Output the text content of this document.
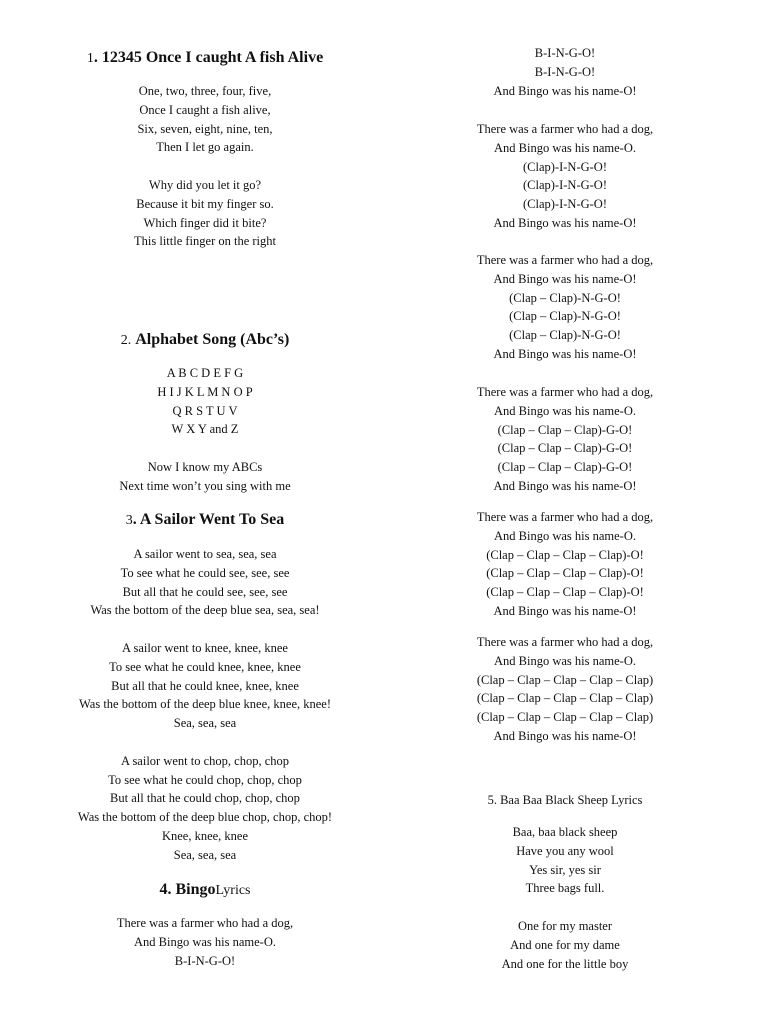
1. 12345 Once I caught A fish Alive
One, two, three, four, five,
Once I caught a fish alive,
Six, seven, eight, nine, ten,
Then I let go again.
Why did you let it go?
Because it bit my finger so.
Which finger did it bite?
This little finger on the right
2. Alphabet Song (Abc’s)
A B C D E F G
H I J K L M N O P
Q R S T U V
W X Y and Z
Now I know my ABCs
Next time won’t you sing with me
3. A Sailor Went To Sea
A sailor went to sea, sea, sea
To see what he could see, see, see
But all that he could see, see, see
Was the bottom of the deep blue sea, sea, sea!
A sailor went to knee, knee, knee
To see what he could knee, knee, knee
But all that he could knee, knee, knee
Was the bottom of the deep blue knee, knee, knee!
Sea, sea, sea
A sailor went to chop, chop, chop
To see what he could chop, chop, chop
But all that he could chop, chop, chop
Was the bottom of the deep blue chop, chop, chop!
Knee, knee, knee
Sea, sea, sea
4. BingoLyrics
There was a farmer who had a dog,
And Bingo was his name-O.
B-I-N-G-O!
B-I-N-G-O!
B-I-N-G-O!
And Bingo was his name-O!
There was a farmer who had a dog,
And Bingo was his name-O.
(Clap)-I-N-G-O!
(Clap)-I-N-G-O!
(Clap)-I-N-G-O!
And Bingo was his name-O!
There was a farmer who had a dog,
And Bingo was his name-O!
(Clap – Clap)-N-G-O!
(Clap – Clap)-N-G-O!
(Clap – Clap)-N-G-O!
And Bingo was his name-O!
There was a farmer who had a dog,
And Bingo was his name-O.
(Clap – Clap – Clap)-G-O!
(Clap – Clap – Clap)-G-O!
(Clap – Clap – Clap)-G-O!
And Bingo was his name-O!
There was a farmer who had a dog,
And Bingo was his name-O.
(Clap – Clap – Clap – Clap)-O!
(Clap – Clap – Clap – Clap)-O!
(Clap – Clap – Clap – Clap)-O!
And Bingo was his name-O!
There was a farmer who had a dog,
And Bingo was his name-O.
(Clap – Clap – Clap – Clap – Clap)
(Clap – Clap – Clap – Clap – Clap)
(Clap – Clap – Clap – Clap – Clap)
And Bingo was his name-O!
5. Baa Baa Black Sheep Lyrics
Baa, baa black sheep
Have you any wool
Yes sir, yes sir
Three bags full.
One for my master
And one for my dame
And one for the little boy
